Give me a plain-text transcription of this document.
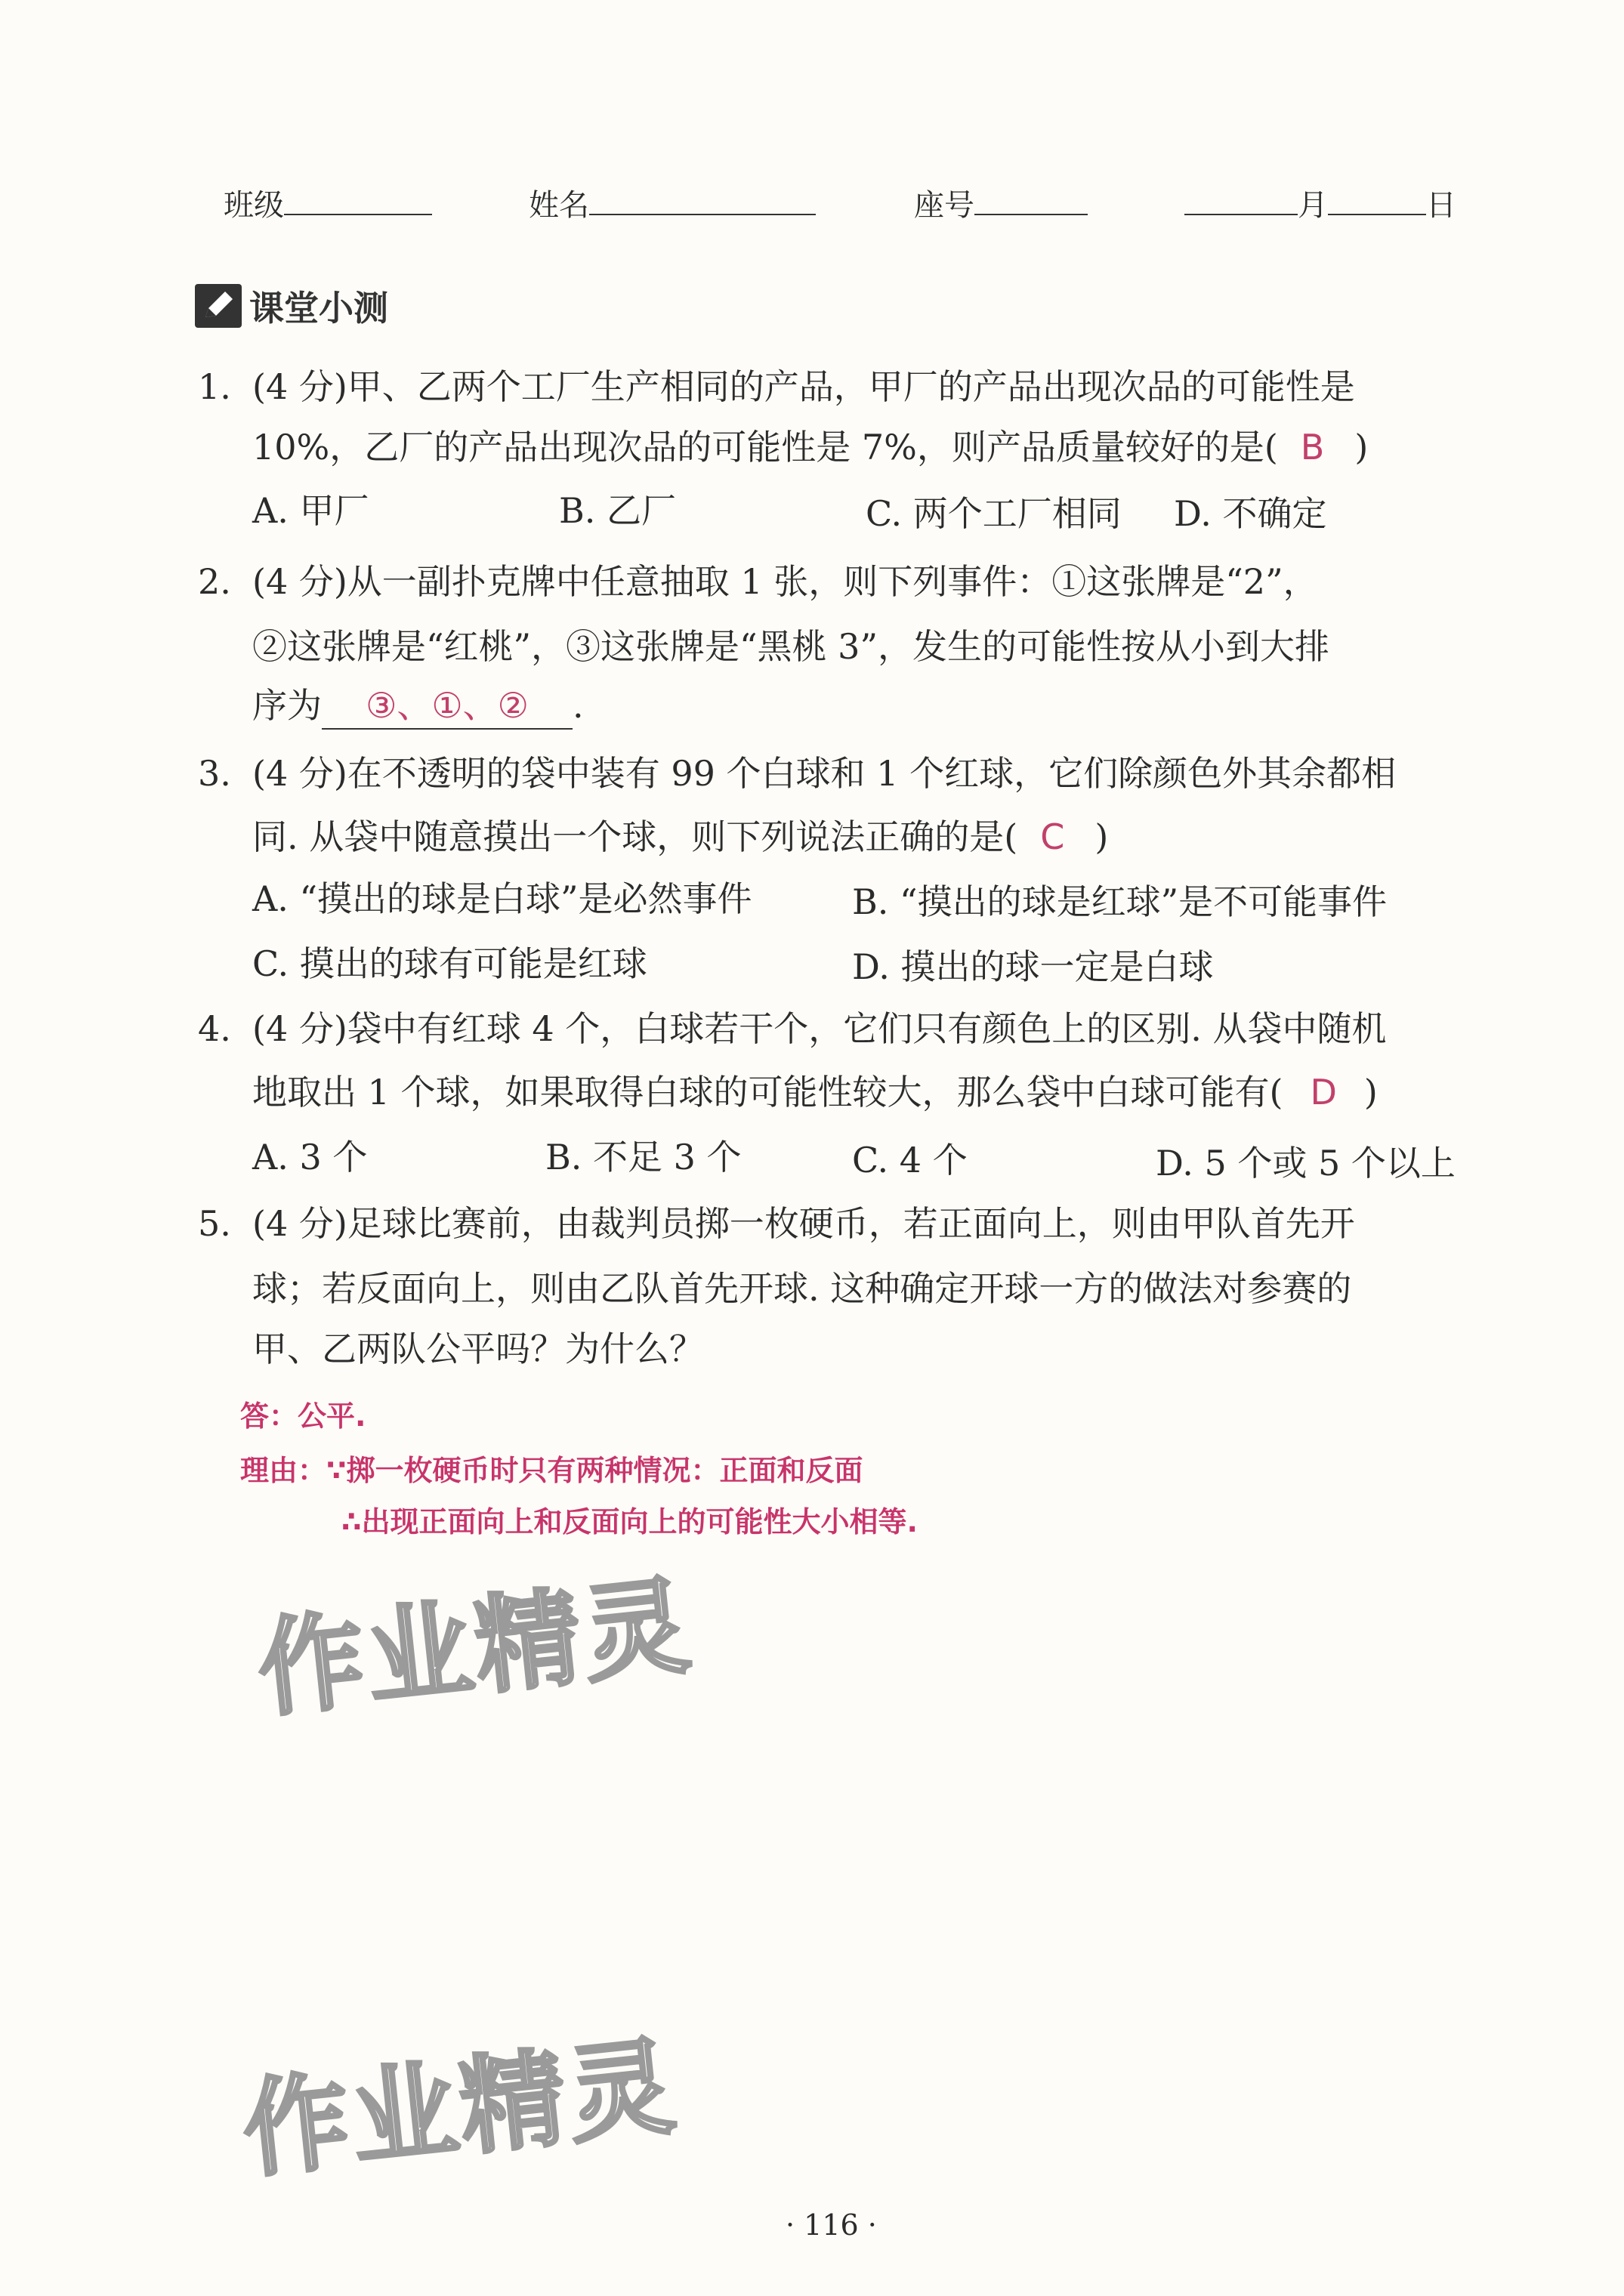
班级	姓名	座号	月	日
课堂小测
1. (4 分)甲、乙两个工厂生产相同的产品，甲厂的产品出现次品的可能性是
10%，乙厂的产品出现次品的可能性是 7%，则产品质量较好的是( B )
A. 甲厂	B. 乙厂	C. 两个工厂相同 D. 不确定
2. (4 分)从一副扑克牌中任意抽取 1 张，则下列事件：①这张牌是“2”，
②这张牌是“红桃”，③这张牌是“黑桃 3”，发生的可能性按从小到大排
序为 ③、①、② .
3. (4 分)在不透明的袋中装有 99 个白球和 1 个红球，它们除颜色外其余都相
同. 从袋中随意摸出一个球，则下列说法正确的是( C )
A. “摸出的球是白球”是必然事件	B. “摸出的球是红球”是不可能事件
C. 摸出的球有可能是红球	D. 摸出的球一定是白球
4. (4 分)袋中有红球 4 个，白球若干个，它们只有颜色上的区别. 从袋中随机
地取出 1 个球，如果取得白球的可能性较大，那么袋中白球可能有( D )
A. 3 个	B. 不足 3 个	C. 4 个	D. 5 个或 5 个以上
5. (4 分)足球比赛前，由裁判员掷一枚硬币，若正面向上，则由甲队首先开
球；若反面向上，则由乙队首先开球. 这种确定开球一方的做法对参赛的
甲、乙两队公平吗？为什么？
答：公平.
理由：∵掷一枚硬币时只有两种情况：正面和反面
∴出现正面向上和反面向上的可能性大小相等.
作业精灵
作业精灵
· 116 ·
